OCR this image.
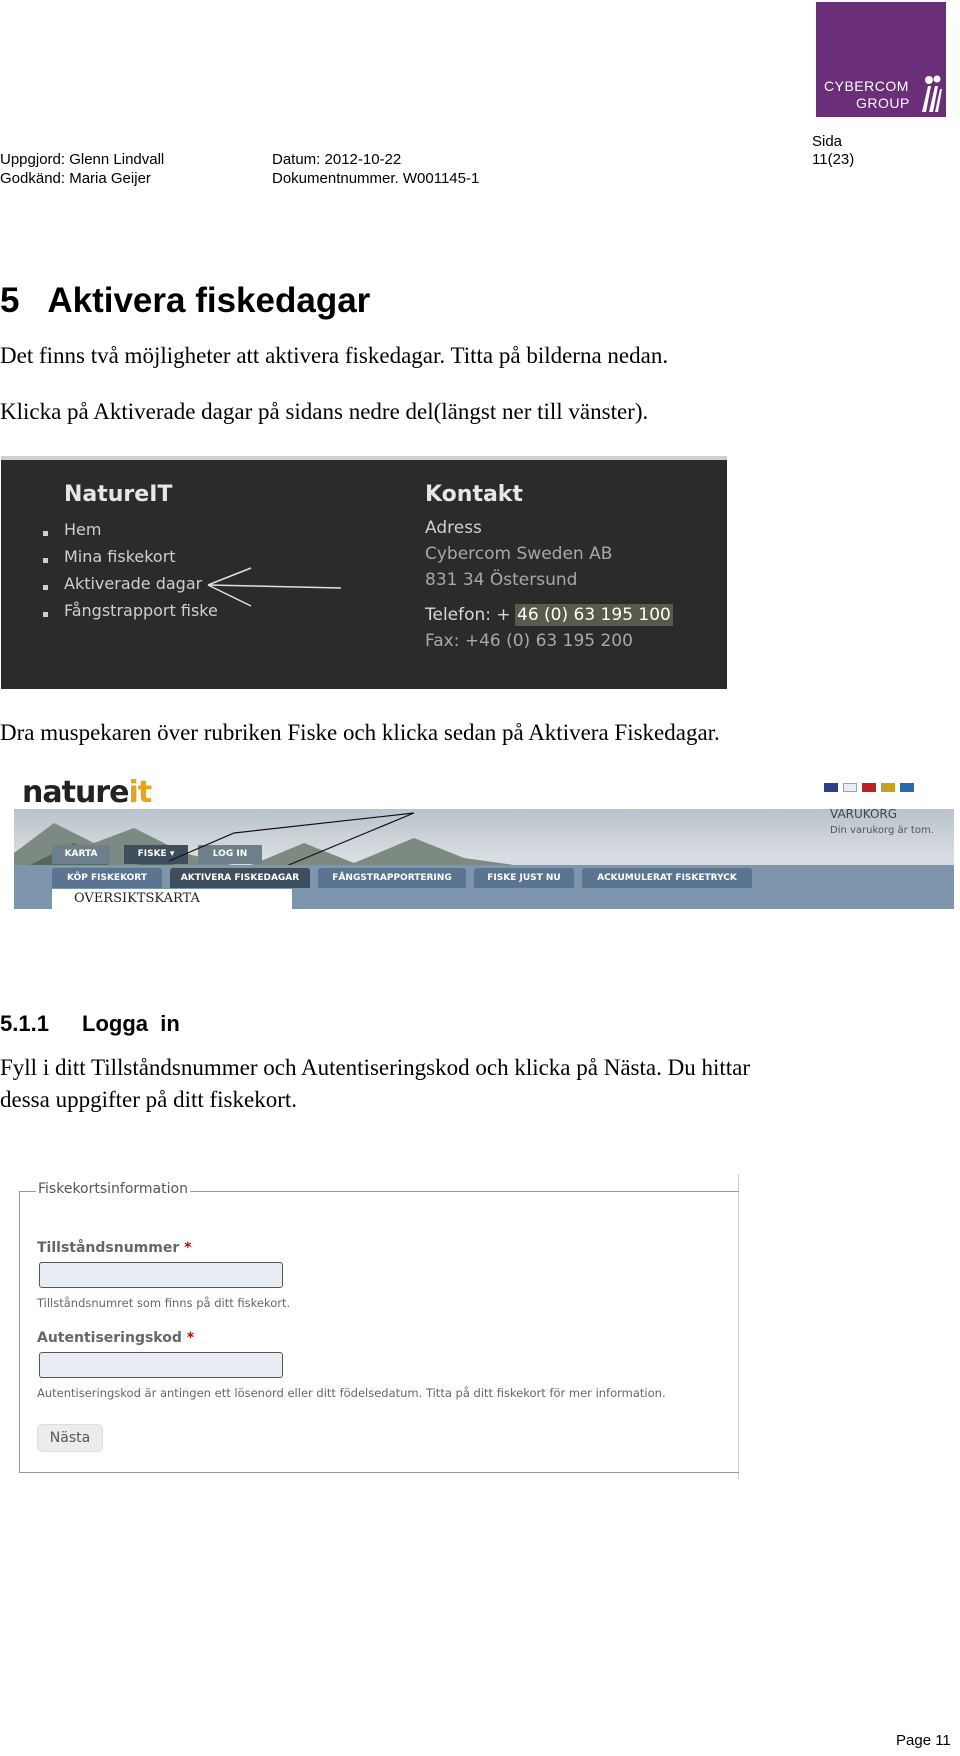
CYBERCOM
GROUP
Uppgjord: Glenn Lindvall
Godkänd: Maria Geijer
Datum: 2012-10-22
Dokumentnummer. W001145-1
Sida
11(23)
5   Aktivera fiskedagar
Det finns två möjligheter att aktivera fiskedagar. Titta på bilderna nedan.
Klicka på Aktiverade dagar på sidans nedre del(längst ner till vänster).
NatureIT
Hem
Mina fiskekort
Aktiverade dagar
Fångstrapport fiske
Kontakt
Adress
Cybercom Sweden AB
831 34 Östersund
Telefon: + 46 (0) 63 195 100
Fax: +46 (0) 63 195 200
Dra muspekaren över rubriken Fiske och klicka sedan på Aktivera Fiskedagar.
natureit
VARUKORG
Din varukorg är tom.
KARTA	FISKE ▾	LOG IN
KÖP FISKEKORT	AKTIVERA FISKEDAGAR	FÅNGSTRAPPORTERING	FISKE JUST NU	ACKUMULERAT FISKETRYCK
OVERSIKTSKARTA
5.1.1 Logga  in
Fyll i ditt Tillståndsnummer och Autentiseringskod och klicka på Nästa. Du hittar
dessa uppgifter på ditt fiskekort.
Fiskekortsinformation
Tillståndsnummer *
Tillståndsnumret som finns på ditt fiskekort.
Autentiseringskod *
Autentiseringskod är antingen ett lösenord eller ditt födelsedatum. Titta på ditt fiskekort för mer information.
Nästa
Page 11
